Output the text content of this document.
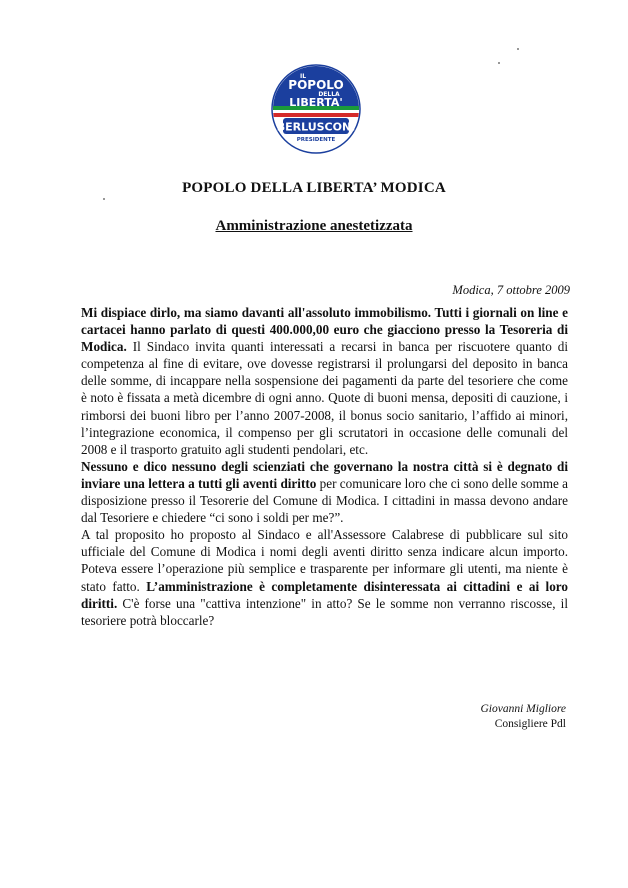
IL
POPOLO
DELLA
LIBERTA'
BERLUSCONI
PRESIDENTE
POPOLO DELLA LIBERTA’ MODICA
Amministrazione anestetizzata
Modica, 7 ottobre 2009

Mi dispiace dirlo, ma siamo davanti all'assoluto immobilismo. Tutti i giornali on line e cartacei hanno parlato di questi 400.000,00 euro che giacciono presso la Tesoreria di Modica. Il Sindaco invita quanti interessati a recarsi in banca per riscuotere quanto di competenza al fine di evitare, ove dovesse registrarsi il prolungarsi del deposito in banca delle somme, di incappare nella sospensione dei pagamenti da parte del tesoriere che come è noto è fissata a metà dicembre di ogni anno. Quote di buoni mensa, depositi di cauzione, i rimborsi dei buoni libro per l’anno 2007-2008, il bonus socio sanitario, l’affido ai minori, l’integrazione economica, il compenso per gli scrutatori in occasione delle comunali del 2008 e il trasporto gratuito agli studenti pendolari, etc.

Nessuno e dico nessuno degli scienziati che governano la nostra città si è degnato di inviare una lettera a tutti gli aventi diritto per comunicare loro che ci sono delle somme a disposizione presso il Tesorerie del Comune di Modica. I cittadini in massa devono andare dal Tesoriere e chiedere “ci sono i soldi per me?”.

A tal proposito ho proposto al Sindaco e all'Assessore Calabrese di pubblicare sul sito ufficiale del Comune di Modica i nomi degli aventi diritto senza indicare alcun importo. Poteva essere l’operazione più semplice e trasparente per informare gli utenti, ma niente è stato fatto. L’amministrazione è completamente disinteressata ai cittadini e ai loro diritti. C'è forse una "cattiva intenzione" in atto? Se le somme non verranno riscosse, il tesoriere potrà bloccarle?

Giovanni Migliore
Consigliere Pdl
